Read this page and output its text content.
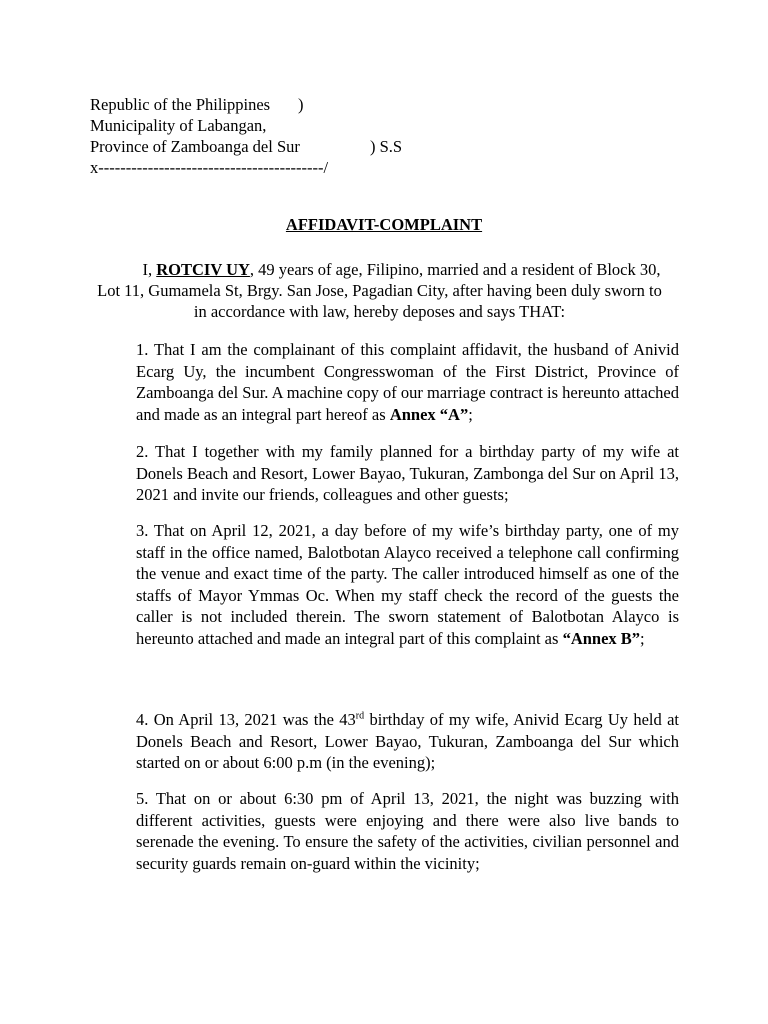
Republic of the Philippines )
Municipality of Labangan,
Province of Zamboanga del Sur	) S.S
x-----------------------------------------/
AFFIDAVIT-COMPLAINT
I, ROTCIV UY, 49 years of age, Filipino, married and a resident of Block 30, Lot 11, Gumamela St, Brgy. San Jose, Pagadian City, after having been duly sworn to in accordance with law, hereby deposes and says THAT:
1. That I am the complainant of this complaint affidavit, the husband of Anivid Ecarg Uy, the incumbent Congresswoman of the First District, Province of Zamboanga del Sur. A machine copy of our marriage contract is hereunto attached and made as an integral part hereof as Annex “A”;
2. That I together with my family planned for a birthday party of my wife at Donels Beach and Resort, Lower Bayao, Tukuran, Zambonga del Sur on April 13, 2021 and invite our friends, colleagues and other guests;
3. That on April 12, 2021, a day before of my wife’s birthday party, one of my staff in the office named, Balotbotan Alayco received a telephone call confirming the venue and exact time of the party. The caller introduced himself as one of the staffs of Mayor Ymmas Oc. When my staff check the record of the guests the caller is not included therein. The sworn statement of Balotbotan Alayco is hereunto attached and made an integral part of this complaint as “Annex B”;
4. On April 13, 2021 was the 43rd birthday of my wife, Anivid Ecarg Uy held at Donels Beach and Resort, Lower Bayao, Tukuran, Zamboanga del Sur which started on or about 6:00 p.m (in the evening);
5. That on or about 6:30 pm of April 13, 2021, the night was buzzing with different activities, guests were enjoying and there were also live bands to serenade the evening. To ensure the safety of the activities, civilian personnel and security guards remain on-guard within the vicinity;
